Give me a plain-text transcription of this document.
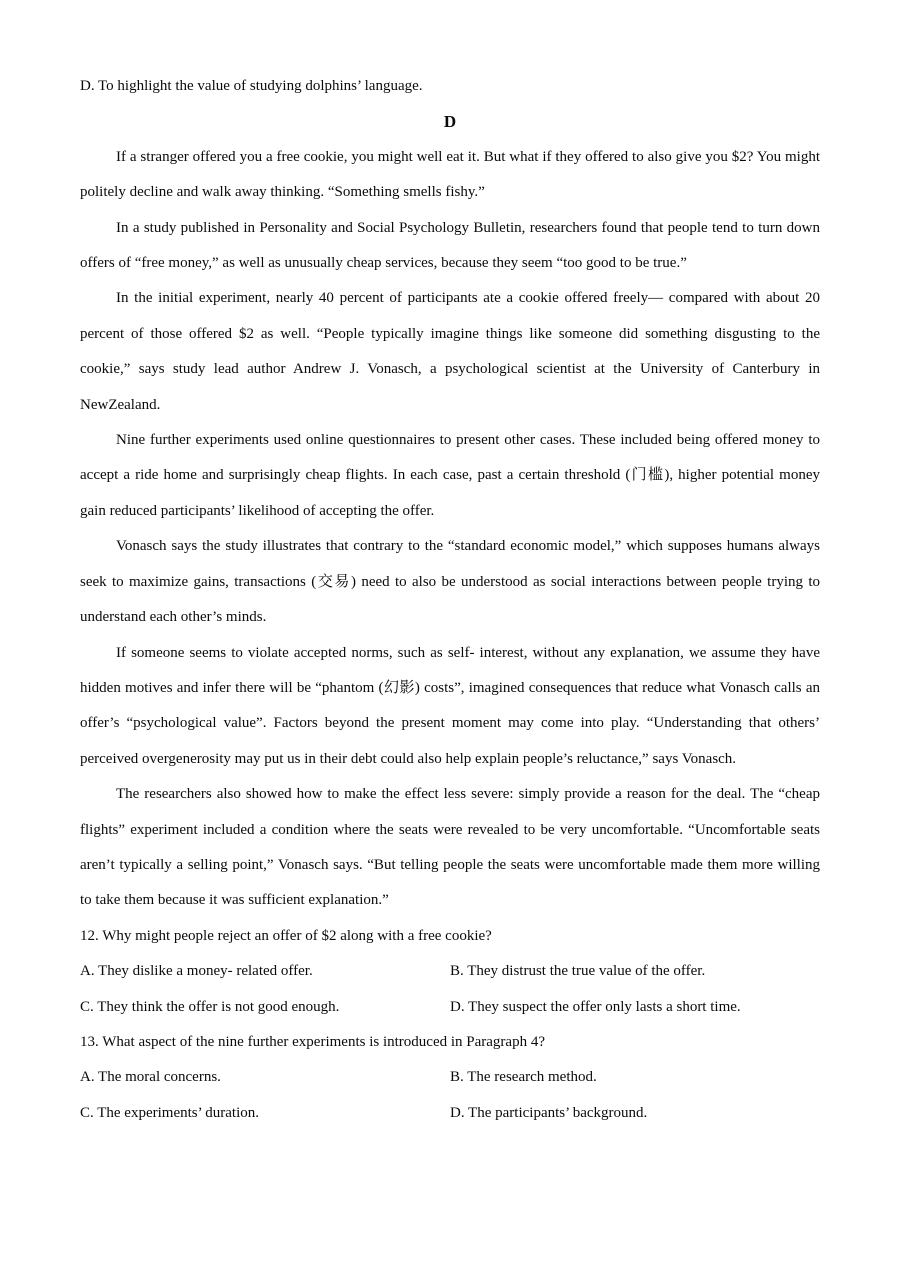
D. To highlight the value of studying dolphins’ language.
D

If a stranger offered you a free cookie, you might well eat it. But what if they offered to also give you $2? You might politely decline and walk away thinking. “Something smells fishy.”

In a study published in Personality and Social Psychology Bulletin, researchers found that people tend to turn down offers of “free money,” as well as unusually cheap services, because they seem “too good to be true.”

In the initial experiment, nearly 40 percent of participants ate a cookie offered freely— compared with about 20 percent of those offered $2 as well. “People typically imagine things like someone did something disgusting to the cookie,” says study lead author Andrew J. Vonasch, a psychological scientist at the University of Canterbury in NewZealand.

Nine further experiments used online questionnaires to present other cases. These included being offered money to accept a ride home and surprisingly cheap flights. In each case, past a certain threshold (门槛), higher potential money gain reduced participants’ likelihood of accepting the offer.

Vonasch says the study illustrates that contrary to the “standard economic model,” which supposes humans always seek to maximize gains, transactions (交易) need to also be understood as social interactions between people trying to understand each other’s minds.

If someone seems to violate accepted norms, such as self- interest, without any explanation, we assume they have hidden motives and infer there will be “phantom (幻影) costs”, imagined consequences that reduce what Vonasch calls an offer’s “psychological value”. Factors beyond the present moment may come into play. “Understanding that others’ perceived overgenerosity may put us in their debt could also help explain people’s reluctance,” says Vonasch.

The researchers also showed how to make the effect less severe: simply provide a reason for the deal. The “cheap flights” experiment included a condition where the seats were revealed to be very uncomfortable. “Uncomfortable seats aren’t typically a selling point,” Vonasch says. “But telling people the seats were uncomfortable made them more willing to take them because it was sufficient explanation.”

12. Why might people reject an offer of $2 along with a free cookie?
A. They dislike a money- related offer.	B. They distrust the true value of the offer.
C. They think the offer is not good enough.	D. They suspect the offer only lasts a short time.
13. What aspect of the nine further experiments is introduced in Paragraph 4?
A. The moral concerns.	B. The research method.
C. The experiments’ duration.	D. The participants’ background.
